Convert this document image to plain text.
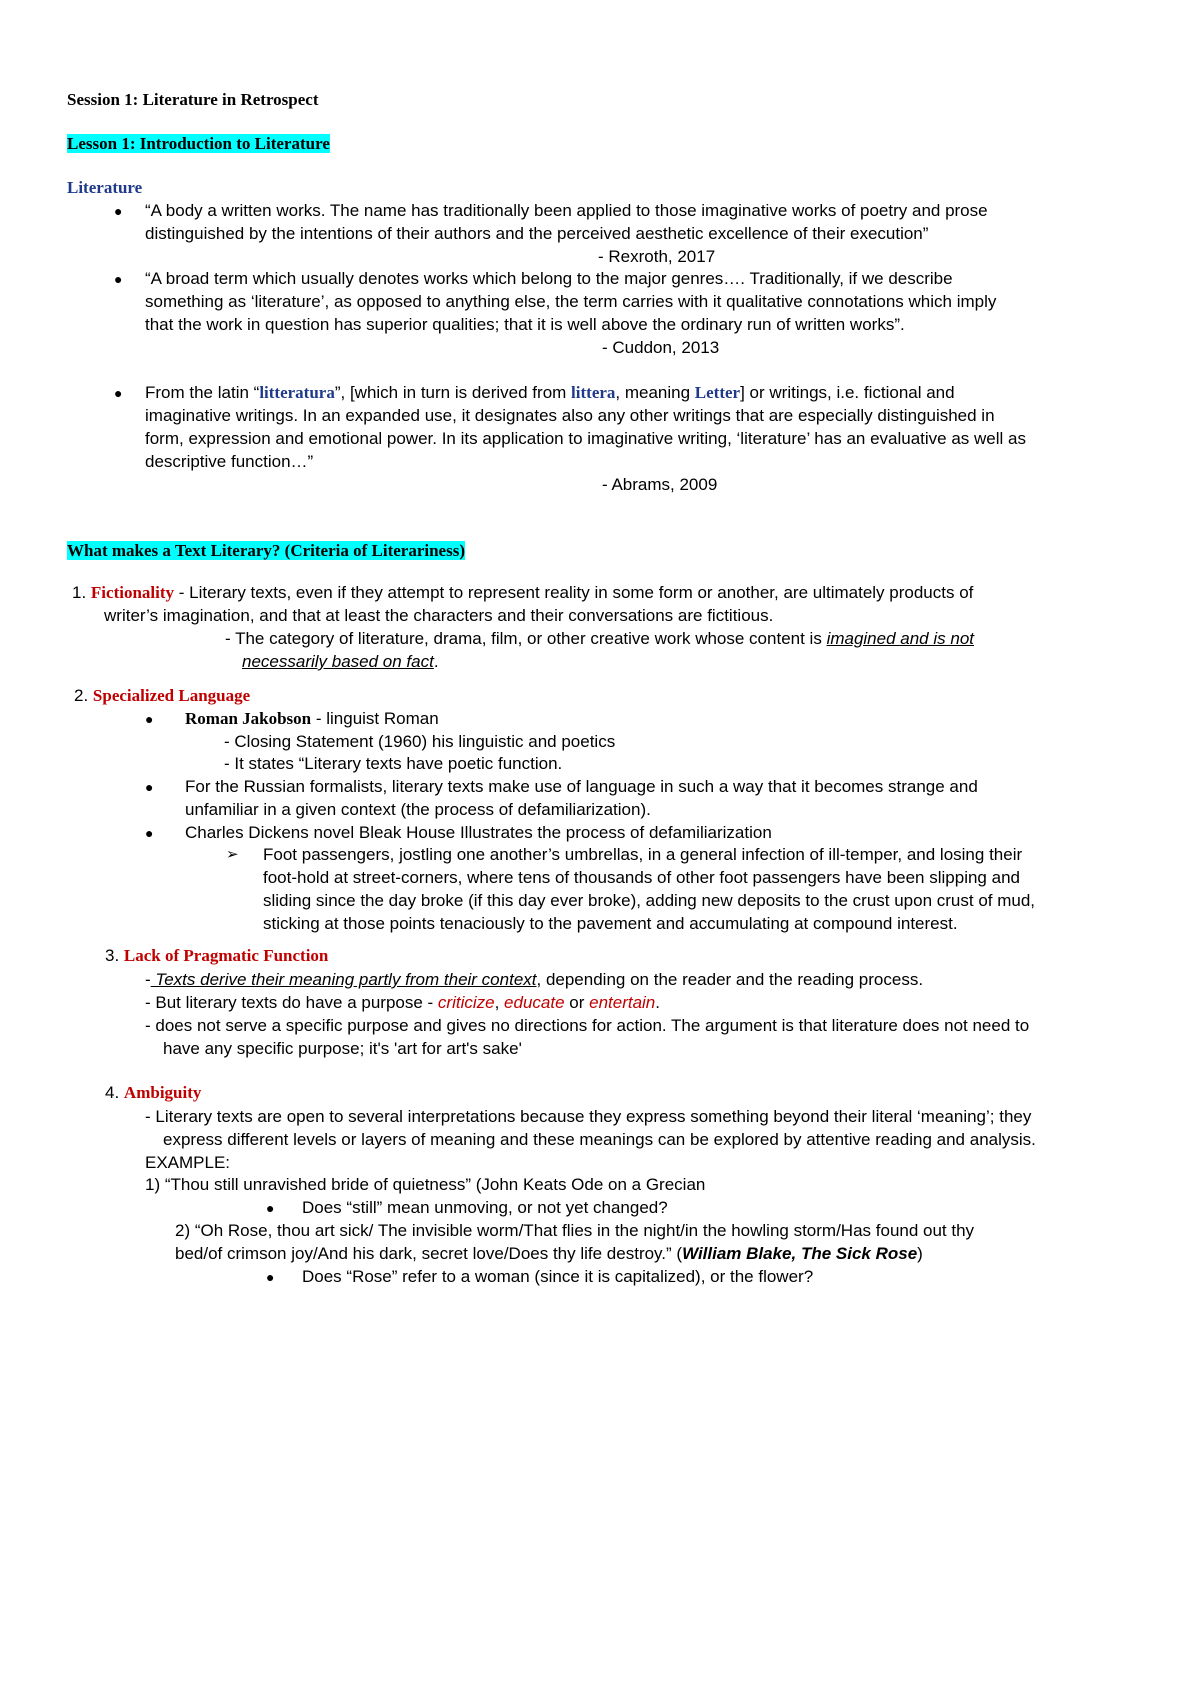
Session 1: Literature in Retrospect
Lesson 1: Introduction to Literature
Literature
● “A body a written works. The name has traditionally been applied to those imaginative works of poetry and prose
distinguished by the intentions of their authors and the perceived aesthetic excellence of their execution”
- Rexroth, 2017
● “A broad term which usually denotes works which belong to the major genres…. Traditionally, if we describe
something as ‘literature’, as opposed to anything else, the term carries with it qualitative connotations which imply
that the work in question has superior qualities; that it is well above the ordinary run of written works”.
- Cuddon, 2013
● From the latin “litteratura”, [which in turn is derived from littera, meaning Letter] or writings, i.e. fictional and
imaginative writings. In an expanded use, it designates also any other writings that are especially distinguished in
form, expression and emotional power. In its application to imaginative writing, ‘literature’ has an evaluative as well as
descriptive function…”
- Abrams, 2009
What makes a Text Literary? (Criteria of Literariness)
1. Fictionality - Literary texts, even if they attempt to represent reality in some form or another, are ultimately products of
writer’s imagination, and that at least the characters and their conversations are fictitious.
- The category of literature, drama, film, or other creative work whose content is imagined and is not
necessarily based on fact.
2. Specialized Language
● Roman Jakobson - linguist Roman
- Closing Statement (1960) his linguistic and poetics
- It states “Literary texts have poetic function.
● For the Russian formalists, literary texts make use of language in such a way that it becomes strange and
unfamiliar in a given context (the process of defamiliarization).
● Charles Dickens novel Bleak House Illustrates the process of defamiliarization
➢ Foot passengers, jostling one another’s umbrellas, in a general infection of ill-temper, and losing their
foot-hold at street-corners, where tens of thousands of other foot passengers have been slipping and
sliding since the day broke (if this day ever broke), adding new deposits to the crust upon crust of mud,
sticking at those points tenaciously to the pavement and accumulating at compound interest.
3. Lack of Pragmatic Function
- Texts derive their meaning partly from their context, depending on the reader and the reading process.
- But literary texts do have a purpose - criticize, educate or entertain.
- does not serve a specific purpose and gives no directions for action. The argument is that literature does not need to
have any specific purpose; it's 'art for art's sake'
4. Ambiguity
- Literary texts are open to several interpretations because they express something beyond their literal ‘meaning’; they
express different levels or layers of meaning and these meanings can be explored by attentive reading and analysis.
EXAMPLE:
1) “Thou still unravished bride of quietness” (John Keats Ode on a Grecian
● Does “still” mean unmoving, or not yet changed?
2) “Oh Rose, thou art sick/ The invisible worm/That flies in the night/in the howling storm/Has found out thy
bed/of crimson joy/And his dark, secret love/Does thy life destroy.” (William Blake, The Sick Rose)
● Does “Rose” refer to a woman (since it is capitalized), or the flower?
